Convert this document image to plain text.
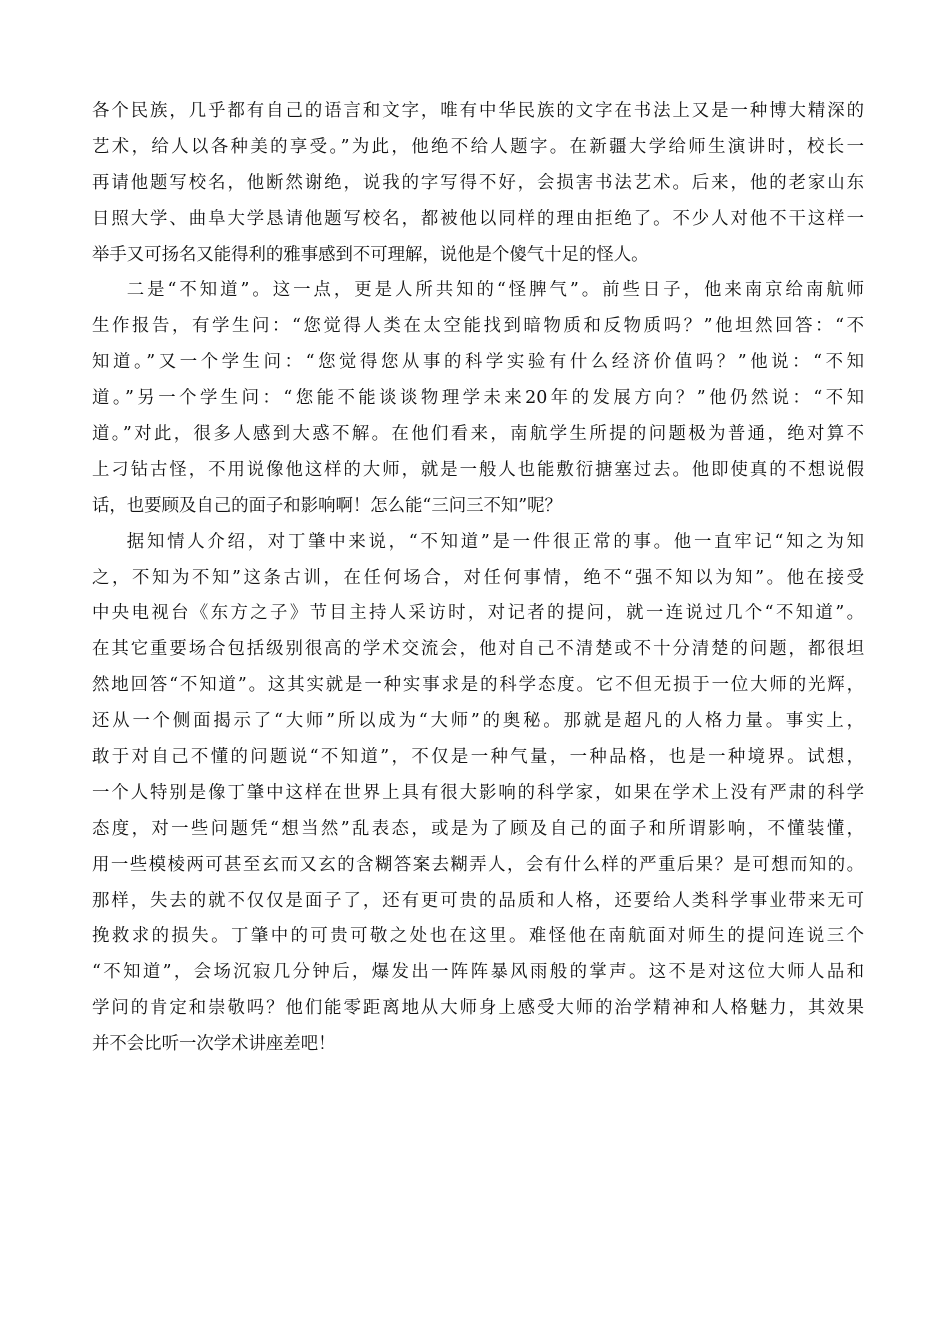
各个民族，几乎都有自己的语言和文字，唯有中华民族的文字在书法上又是一种博大精深的
艺术，给人以各种美的享受。”为此，他绝不给人题字。在新疆大学给师生演讲时，校长一
再请他题写校名，他断然谢绝，说我的字写得不好，会损害书法艺术。后来，他的老家山东
日照大学、曲阜大学恳请他题写校名，都被他以同样的理由拒绝了。不少人对他不干这样一
举手又可扬名又能得利的雅事感到不可理解，说他是个傻气十足的怪人。
二是“不知道”。这一点，更是人所共知的“怪脾气”。前些日子，他来南京给南航师
生作报告，有学生问：“您觉得人类在太空能找到暗物质和反物质吗？”他坦然回答：“不
知道。”又一个学生问：“您觉得您从事的科学实验有什么经济价值吗？”他说：“不知
道。”另一个学生问：“您能不能谈谈物理学未来20年的发展方向？”他仍然说：“不知
道。”对此，很多人感到大惑不解。在他们看来，南航学生所提的问题极为普通，绝对算不
上刁钻古怪，不用说像他这样的大师，就是一般人也能敷衍搪塞过去。他即使真的不想说假
话，也要顾及自己的面子和影响啊！怎么能“三问三不知”呢？
据知情人介绍，对丁肇中来说，“不知道”是一件很正常的事。他一直牢记“知之为知
之，不知为不知”这条古训，在任何场合，对任何事情，绝不“强不知以为知”。他在接受
中央电视台《东方之子》节目主持人采访时，对记者的提问，就一连说过几个“不知道”。
在其它重要场合包括级别很高的学术交流会，他对自己不清楚或不十分清楚的问题，都很坦
然地回答“不知道”。这其实就是一种实事求是的科学态度。它不但无损于一位大师的光辉，
还从一个侧面揭示了“大师”所以成为“大师”的奥秘。那就是超凡的人格力量。事实上，
敢于对自己不懂的问题说“不知道”，不仅是一种气量，一种品格，也是一种境界。试想，
一个人特别是像丁肇中这样在世界上具有很大影响的科学家，如果在学术上没有严肃的科学
态度，对一些问题凭“想当然”乱表态，或是为了顾及自己的面子和所谓影响，不懂装懂，
用一些模棱两可甚至玄而又玄的含糊答案去糊弄人，会有什么样的严重后果？是可想而知的。
那样，失去的就不仅仅是面子了，还有更可贵的品质和人格，还要给人类科学事业带来无可
挽救求的损失。丁肇中的可贵可敬之处也在这里。难怪他在南航面对师生的提问连说三个
“不知道”，会场沉寂几分钟后，爆发出一阵阵暴风雨般的掌声。这不是对这位大师人品和
学问的肯定和崇敬吗？他们能零距离地从大师身上感受大师的治学精神和人格魅力，其效果
并不会比听一次学术讲座差吧！
